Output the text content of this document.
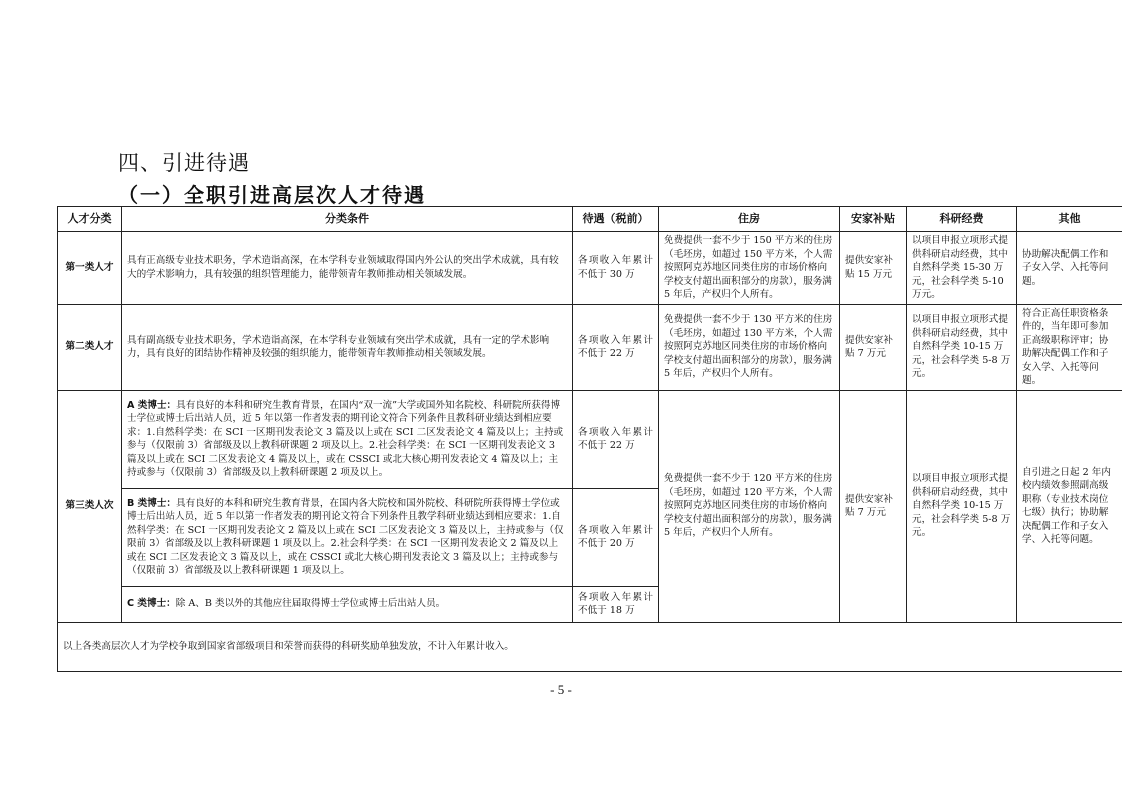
四、引进待遇
（一）全职引进高层次人才待遇
人才分类	分类条件	待遇（税前）	住房	安家补贴	科研经费	其他
第一类人才	具有正高级专业技术职务，学术造诣高深，在本学科专业领域取得国内外公认的突出学术成就，具有较大的学术影响力，具有较强的组织管理能力，能带领青年教师推动相关领域发展。	各项收入年累计不低于 30 万	免费提供一套不少于 150 平方米的住房（毛坯房，如超过 150 平方米，个人需按照阿克苏地区同类住房的市场价格向学校支付超出面积部分的房款），服务满 5 年后，产权归个人所有。	提供安家补贴 15 万元	以项目申报立项形式提供科研启动经费，其中自然科学类 15-30 万元，社会科学类 5-10 万元。	协助解决配偶工作和子女入学、入托等问题。
第二类人才	具有副高级专业技术职务，学术造诣高深，在本学科专业领域有突出学术成就，具有一定的学术影响力，具有良好的团结协作精神及较强的组织能力，能带领青年教师推动相关领域发展。	各项收入年累计不低于 22 万	免费提供一套不少于 130 平方米的住房（毛坯房，如超过 130 平方米，个人需按照阿克苏地区同类住房的市场价格向学校支付超出面积部分的房款），服务满 5 年后，产权归个人所有。	提供安家补贴 7 万元	以项目申报立项形式提供科研启动经费，其中自然科学类 10-15 万元，社会科学类 5-8 万元。	符合正高任职资格条件的，当年即可参加正高级职称评审；协助解决配偶工作和子女入学、入托等问题。
第三类人次	A 类博士：具有良好的本科和研究生教育背景，在国内“双一流”大学或国外知名院校、科研院所获得博士学位或博士后出站人员，近 5 年以第一作者发表的期刊论文符合下列条件且教科研业绩达到相应要求：1.自然科学类：在 SCI 一区期刊发表论文 3 篇及以上或在 SCI 二区发表论文 4 篇及以上；主持或参与（仅限前 3）省部级及以上教科研课题 2 项及以上。2.社会科学类：在 SCI 一区期刊发表论文 3 篇及以上或在 SCI 二区发表论文 4 篇及以上，或在 CSSCI 或北大核心期刊发表论文 4 篇及以上；主持或参与（仅限前 3）省部级及以上教科研课题 2 项及以上。	各项收入年累计不低于 22 万	免费提供一套不少于 120 平方米的住房（毛坯房，如超过 120 平方米，个人需按照阿克苏地区同类住房的市场价格向学校支付超出面积部分的房款），服务满 5 年后，产权归个人所有。	提供安家补贴 7 万元	以项目申报立项形式提供科研启动经费，其中自然科学类 10-15 万元，社会科学类 5-8 万元。	自引进之日起 2 年内校内绩效参照副高级职称（专业技术岗位七级）执行；协助解决配偶工作和子女入学、入托等问题。
	B 类博士：具有良好的本科和研究生教育背景，在国内各大院校和国外院校、科研院所获得博士学位或博士后出站人员，近 5 年以第一作者发表的期刊论文符合下列条件且教学科研业绩达到相应要求：1.自然科学类：在 SCI 一区期刊发表论文 2 篇及以上或在 SCI 二区发表论文 3 篇及以上，主持或参与（仅限前 3）省部级及以上教科研课题 1 项及以上。2.社会科学类：在 SCI 一区期刊发表论文 2 篇及以上或在 SCI 二区发表论文 3 篇及以上，或在 CSSCI 或北大核心期刊发表论文 3 篇及以上；主持或参与（仅限前 3）省部级及以上教科研课题 1 项及以上。	各项收入年累计不低于 20 万				
	C 类博士：除 A、B 类以外的其他应往届取得博士学位或博士后出站人员。	各项收入年累计不低于 18 万				
以上各类高层次人才为学校争取到国家省部级项目和荣誉而获得的科研奖励单独发放，不计入年累计收入。						
- 5 -
